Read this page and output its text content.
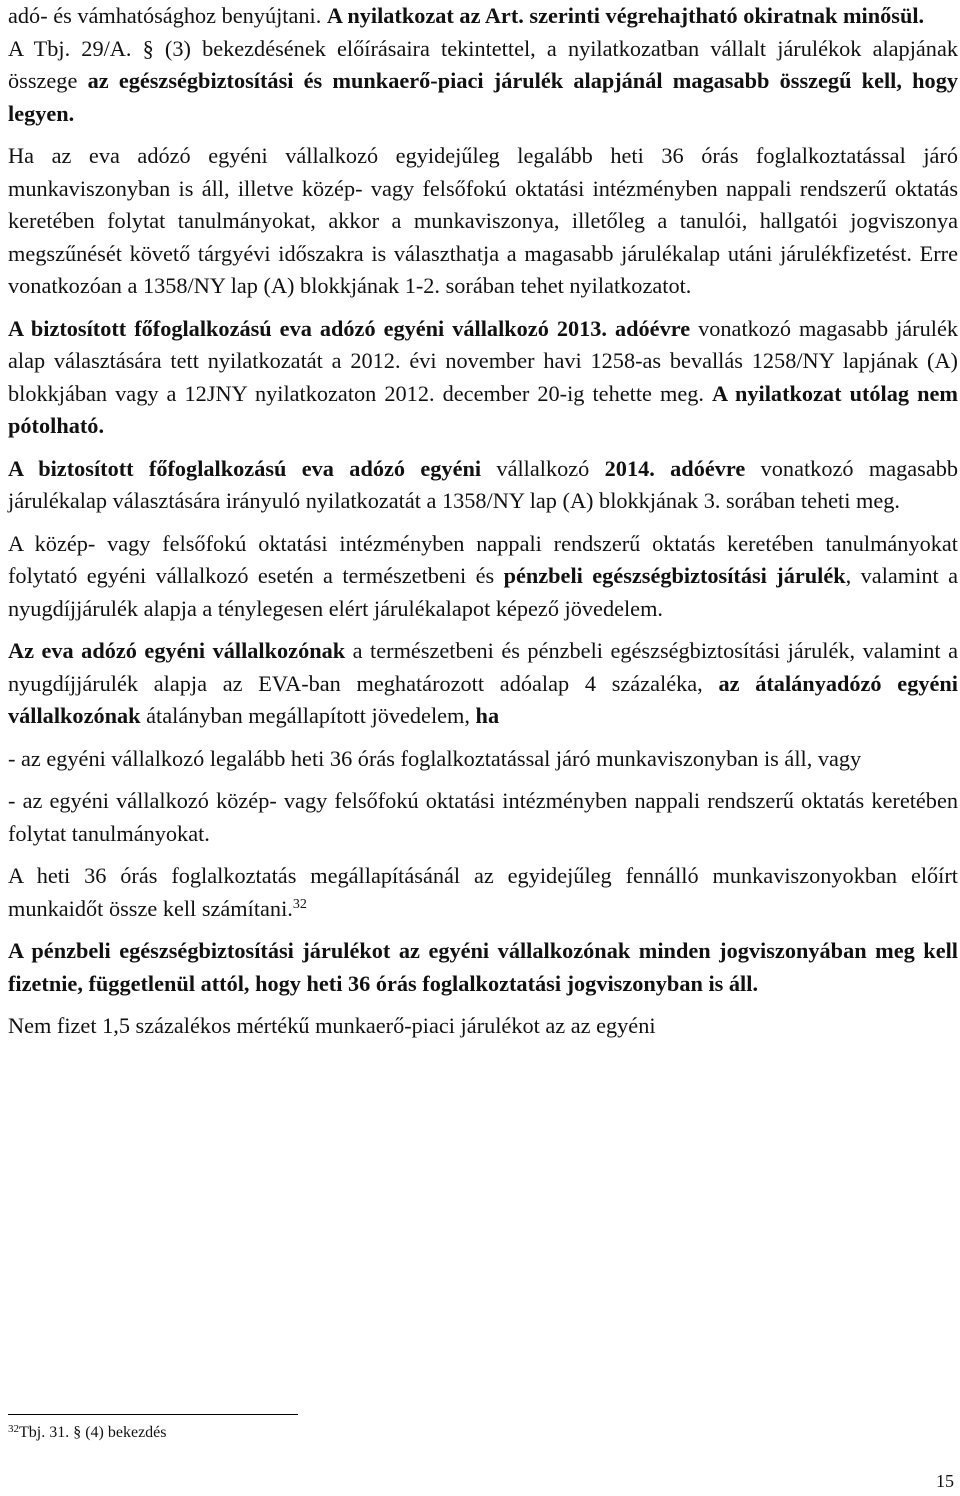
adó- és vámhatósághoz benyújtani. A nyilatkozat az Art. szerinti végrehajtható okiratnak minősül.

A Tbj. 29/A. § (3) bekezdésének előírásaira tekintettel, a nyilatkozatban vállalt járulékok alapjának összege az egészségbiztosítási és munkaerő-piaci járulék alapjánál magasabb összegű kell, hogy legyen.

Ha az eva adózó egyéni vállalkozó egyidejűleg legalább heti 36 órás foglalkoztatással járó munkaviszonyban is áll, illetve közép- vagy felsőfokú oktatási intézményben nappali rendszerű oktatás keretében folytat tanulmányokat, akkor a munkaviszonya, illetőleg a tanulói, hallgatói jogviszonya megszűnését követő tárgyévi időszakra is választhatja a magasabb járulékalap utáni járulékfizetést. Erre vonatkozóan a 1358/NY lap (A) blokkjának 1-2. sorában tehet nyilatkozatot.

A biztosított főfoglalkozású eva adózó egyéni vállalkozó 2013. adóévre vonatkozó magasabb járulék alap választására tett nyilatkozatát a 2012. évi november havi 1258-as bevallás 1258/NY lapjának (A) blokkjában vagy a 12JNY nyilatkozaton 2012. december 20-ig tehette meg. A nyilatkozat utólag nem pótolható.

A biztosított főfoglalkozású eva adózó egyéni vállalkozó 2014. adóévre vonatkozó magasabb járulékalap választására irányuló nyilatkozatát a 1358/NY lap (A) blokkjának 3. sorában teheti meg.

A közép- vagy felsőfokú oktatási intézményben nappali rendszerű oktatás keretében tanulmányokat folytató egyéni vállalkozó esetén a természetbeni és pénzbeli egészségbiztosítási járulék, valamint a nyugdíjjárulék alapja a ténylegesen elért járulékalapot képező jövedelem.

Az eva adózó egyéni vállalkozónak a természetbeni és pénzbeli egészségbiztosítási járulék, valamint a nyugdíjjárulék alapja az EVA-ban meghatározott adóalap 4 százaléka, az átalányadózó egyéni vállalkozónak átalányban megállapított jövedelem, ha

- az egyéni vállalkozó legalább heti 36 órás foglalkoztatással járó munkaviszonyban is áll, vagy

- az egyéni vállalkozó közép- vagy felsőfokú oktatási intézményben nappali rendszerű oktatás keretében folytat tanulmányokat.

A heti 36 órás foglalkoztatás megállapításánál az egyidejűleg fennálló munkaviszonyokban előírt munkaidőt össze kell számítani.$^{32}$

A pénzbeli egészségbiztosítási járulékot az egyéni vállalkozónak minden jogviszonyában meg kell fizetnie, függetlenül attól, hogy heti 36 órás foglalkoztatási jogviszonyban is áll.

Nem fizet 1,5 százalékos mértékű munkaerő-piaci járulékot az az egyéni

$^{32}$Tbj. 31. § (4) bekezdés
15
